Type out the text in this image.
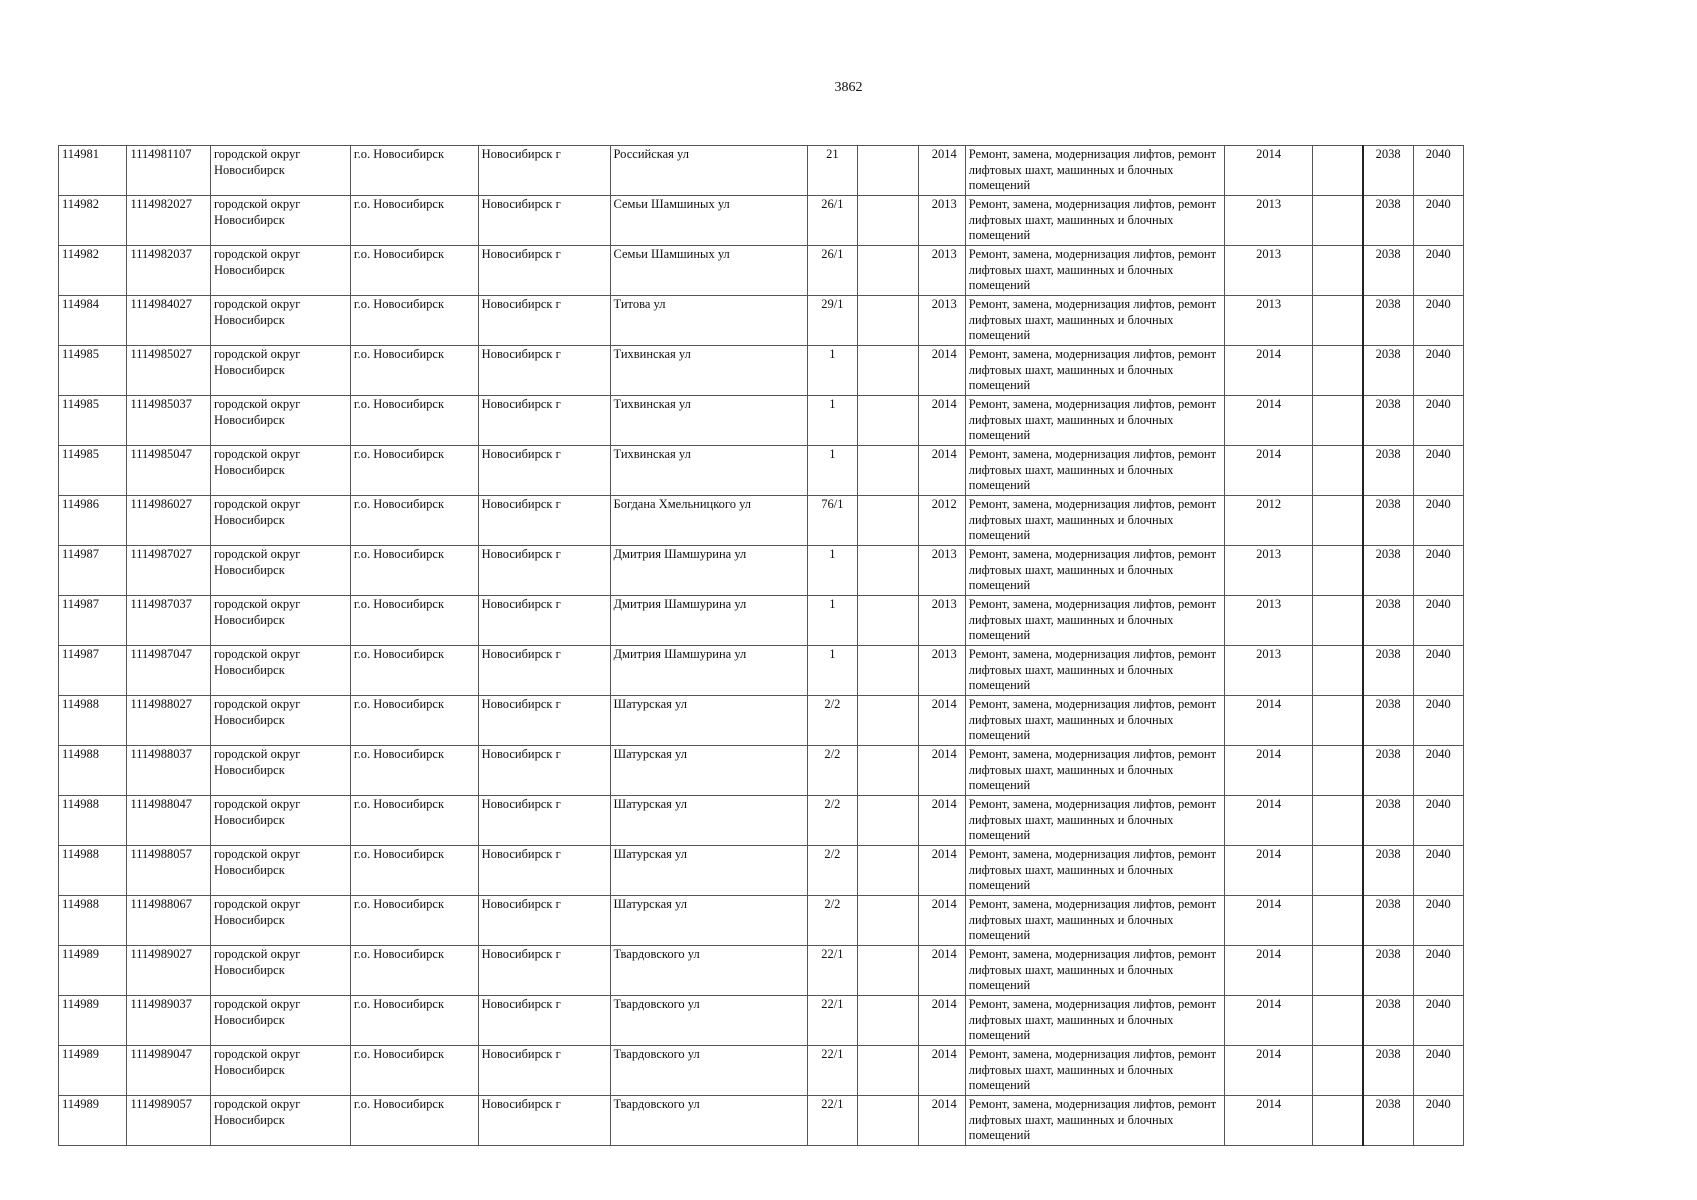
3862
114981	1114981107	городской округ Новосибирск	г.о. Новосибирск	Новосибирск г	Российская ул	21		2014	Ремонт, замена, модернизация лифтов, ремонт лифтовых шахт, машинных и блочных помещений	2014		2038	2040
114982	1114982027	городской округ Новосибирск	г.о. Новосибирск	Новосибирск г	Семьи Шамшиных ул	26/1		2013	Ремонт, замена, модернизация лифтов, ремонт лифтовых шахт, машинных и блочных помещений	2013		2038	2040
114982	1114982037	городской округ Новосибирск	г.о. Новосибирск	Новосибирск г	Семьи Шамшиных ул	26/1		2013	Ремонт, замена, модернизация лифтов, ремонт лифтовых шахт, машинных и блочных помещений	2013		2038	2040
114984	1114984027	городской округ Новосибирск	г.о. Новосибирск	Новосибирск г	Титова ул	29/1		2013	Ремонт, замена, модернизация лифтов, ремонт лифтовых шахт, машинных и блочных помещений	2013		2038	2040
114985	1114985027	городской округ Новосибирск	г.о. Новосибирск	Новосибирск г	Тихвинская ул	1		2014	Ремонт, замена, модернизация лифтов, ремонт лифтовых шахт, машинных и блочных помещений	2014		2038	2040
114985	1114985037	городской округ Новосибирск	г.о. Новосибирск	Новосибирск г	Тихвинская ул	1		2014	Ремонт, замена, модернизация лифтов, ремонт лифтовых шахт, машинных и блочных помещений	2014		2038	2040
114985	1114985047	городской округ Новосибирск	г.о. Новосибирск	Новосибирск г	Тихвинская ул	1		2014	Ремонт, замена, модернизация лифтов, ремонт лифтовых шахт, машинных и блочных помещений	2014		2038	2040
114986	1114986027	городской округ Новосибирск	г.о. Новосибирск	Новосибирск г	Богдана Хмельницкого ул	76/1		2012	Ремонт, замена, модернизация лифтов, ремонт лифтовых шахт, машинных и блочных помещений	2012		2038	2040
114987	1114987027	городской округ Новосибирск	г.о. Новосибирск	Новосибирск г	Дмитрия Шамшурина ул	1		2013	Ремонт, замена, модернизация лифтов, ремонт лифтовых шахт, машинных и блочных помещений	2013		2038	2040
114987	1114987037	городской округ Новосибирск	г.о. Новосибирск	Новосибирск г	Дмитрия Шамшурина ул	1		2013	Ремонт, замена, модернизация лифтов, ремонт лифтовых шахт, машинных и блочных помещений	2013		2038	2040
114987	1114987047	городской округ Новосибирск	г.о. Новосибирск	Новосибирск г	Дмитрия Шамшурина ул	1		2013	Ремонт, замена, модернизация лифтов, ремонт лифтовых шахт, машинных и блочных помещений	2013		2038	2040
114988	1114988027	городской округ Новосибирск	г.о. Новосибирск	Новосибирск г	Шатурская ул	2/2		2014	Ремонт, замена, модернизация лифтов, ремонт лифтовых шахт, машинных и блочных помещений	2014		2038	2040
114988	1114988037	городской округ Новосибирск	г.о. Новосибирск	Новосибирск г	Шатурская ул	2/2		2014	Ремонт, замена, модернизация лифтов, ремонт лифтовых шахт, машинных и блочных помещений	2014		2038	2040
114988	1114988047	городской округ Новосибирск	г.о. Новосибирск	Новосибирск г	Шатурская ул	2/2		2014	Ремонт, замена, модернизация лифтов, ремонт лифтовых шахт, машинных и блочных помещений	2014		2038	2040
114988	1114988057	городской округ Новосибирск	г.о. Новосибирск	Новосибирск г	Шатурская ул	2/2		2014	Ремонт, замена, модернизация лифтов, ремонт лифтовых шахт, машинных и блочных помещений	2014		2038	2040
114988	1114988067	городской округ Новосибирск	г.о. Новосибирск	Новосибирск г	Шатурская ул	2/2		2014	Ремонт, замена, модернизация лифтов, ремонт лифтовых шахт, машинных и блочных помещений	2014		2038	2040
114989	1114989027	городской округ Новосибирск	г.о. Новосибирск	Новосибирск г	Твардовского ул	22/1		2014	Ремонт, замена, модернизация лифтов, ремонт лифтовых шахт, машинных и блочных помещений	2014		2038	2040
114989	1114989037	городской округ Новосибирск	г.о. Новосибирск	Новосибирск г	Твардовского ул	22/1		2014	Ремонт, замена, модернизация лифтов, ремонт лифтовых шахт, машинных и блочных помещений	2014		2038	2040
114989	1114989047	городской округ Новосибирск	г.о. Новосибирск	Новосибирск г	Твардовского ул	22/1		2014	Ремонт, замена, модернизация лифтов, ремонт лифтовых шахт, машинных и блочных помещений	2014		2038	2040
114989	1114989057	городской округ Новосибирск	г.о. Новосибирск	Новосибирск г	Твардовского ул	22/1		2014	Ремонт, замена, модернизация лифтов, ремонт лифтовых шахт, машинных и блочных помещений	2014		2038	2040
